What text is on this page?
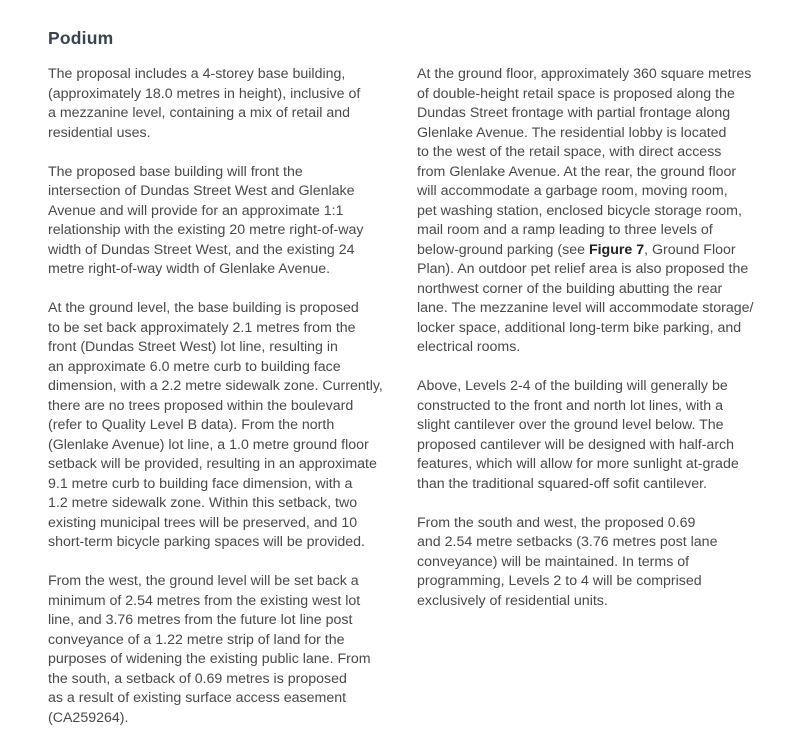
Podium

The proposal includes a 4-storey base building,
(approximately 18.0 metres in height), inclusive of
a mezzanine level, containing a mix of retail and
residential uses.

The proposed base building will front the
intersection of Dundas Street West and Glenlake
Avenue and will provide for an approximate 1:1
relationship with the existing 20 metre right-of-way
width of Dundas Street West, and the existing 24
metre right-of-way width of Glenlake Avenue.

At the ground level, the base building is proposed
to be set back approximately 2.1 metres from the
front (Dundas Street West) lot line, resulting in
an approximate 6.0 metre curb to building face
dimension, with a 2.2 metre sidewalk zone. Currently,
there are no trees proposed within the boulevard
(refer to Quality Level B data). From the north
(Glenlake Avenue) lot line, a 1.0 metre ground floor
setback will be provided, resulting in an approximate
9.1 metre curb to building face dimension, with a
1.2 metre sidewalk zone. Within this setback, two
existing municipal trees will be preserved, and 10
short-term bicycle parking spaces will be provided.

From the west, the ground level will be set back a
minimum of 2.54 metres from the existing west lot
line, and 3.76 metres from the future lot line post
conveyance of a 1.22 metre strip of land for the
purposes of widening the existing public lane. From
the south, a setback of 0.69 metres is proposed
as a result of existing surface access easement
(CA259264).

At the ground floor, approximately 360 square metres
of double-height retail space is proposed along the
Dundas Street frontage with partial frontage along
Glenlake Avenue. The residential lobby is located
to the west of the retail space, with direct access
from Glenlake Avenue. At the rear, the ground floor
will accommodate a garbage room, moving room,
pet washing station, enclosed bicycle storage room,
mail room and a ramp leading to three levels of
below-ground parking (see Figure 7, Ground Floor
Plan). An outdoor pet relief area is also proposed the
northwest corner of the building abutting the rear
lane. The mezzanine level will accommodate storage/
locker space, additional long-term bike parking, and
electrical rooms.

Above, Levels 2-4 of the building will generally be
constructed to the front and north lot lines, with a
slight cantilever over the ground level below. The
proposed cantilever will be designed with half-arch
features, which will allow for more sunlight at-grade
than the traditional squared-off sofit cantilever.

From the south and west, the proposed 0.69
and 2.54 metre setbacks (3.76 metres post lane
conveyance) will be maintained. In terms of
programming, Levels 2 to 4 will be comprised
exclusively of residential units.
